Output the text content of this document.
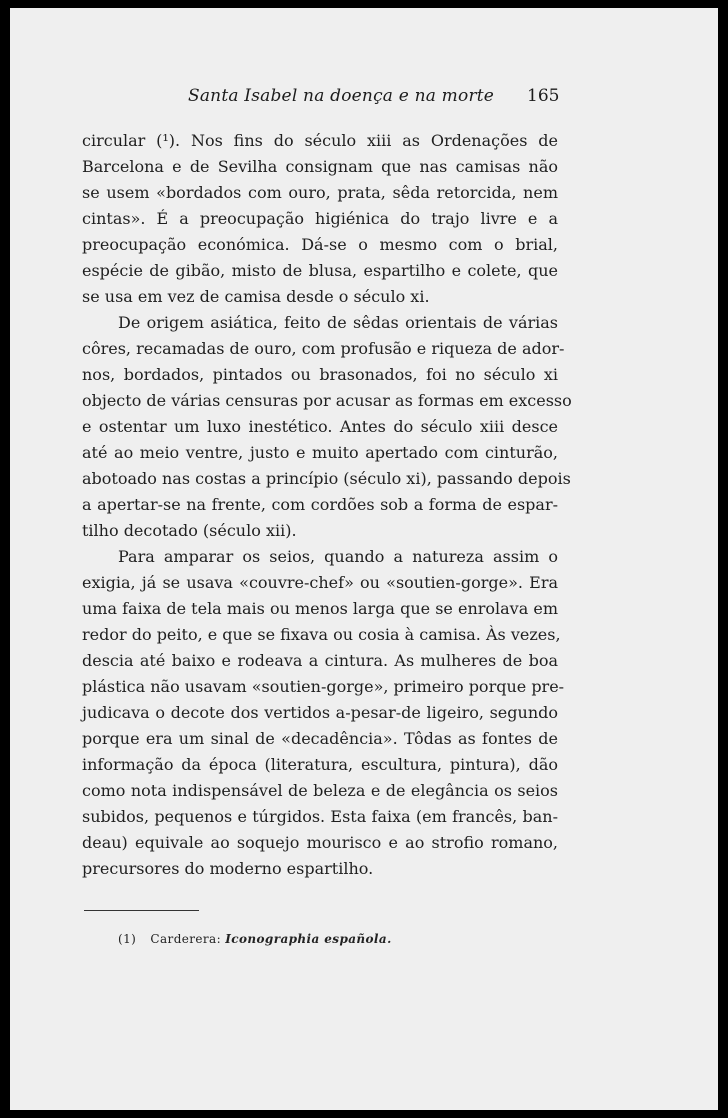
Santa Isabel na doença e na morte 165
circular (¹). Nos fins do século xiii as Ordenações de
Barcelona e de Sevilha consignam que nas camisas não
se usem «bordados com ouro, prata, sêda retorcida, nem
cintas». É a preocupação higiénica do trajo livre e a
preocupação económica. Dá-se o mesmo com o brial,
espécie de gibão, misto de blusa, espartilho e colete, que
se usa em vez de camisa desde o século xi.
De origem asiática, feito de sêdas orientais de várias
côres, recamadas de ouro, com profusão e riqueza de ador-
nos, bordados, pintados ou brasonados, foi no século xi
objecto de várias censuras por acusar as formas em excesso
e ostentar um luxo inestético. Antes do século xiii desce
até ao meio ventre, justo e muito apertado com cinturão,
abotoado nas costas a princípio (século xi), passando depois
a apertar-se na frente, com cordões sob a forma de espar-
tilho decotado (século xii).
Para amparar os seios, quando a natureza assim o
exigia, já se usava «couvre-chef» ou «soutien-gorge». Era
uma faixa de tela mais ou menos larga que se enrolava em
redor do peito, e que se fixava ou cosia à camisa. Às vezes,
descia até baixo e rodeava a cintura. As mulheres de boa
plástica não usavam «soutien-gorge», primeiro porque pre-
judicava o decote dos vertidos a-pesar-de ligeiro, segundo
porque era um sinal de «decadência». Tôdas as fontes de
informação da época (literatura, escultura, pintura), dão
como nota indispensável de beleza e de elegância os seios
subidos, pequenos e túrgidos. Esta faixa (em francês, ban-
deau) equivale ao soquejo mourisco e ao strofio romano,
precursores do moderno espartilho.
(1) Carderera: Iconographia española.
